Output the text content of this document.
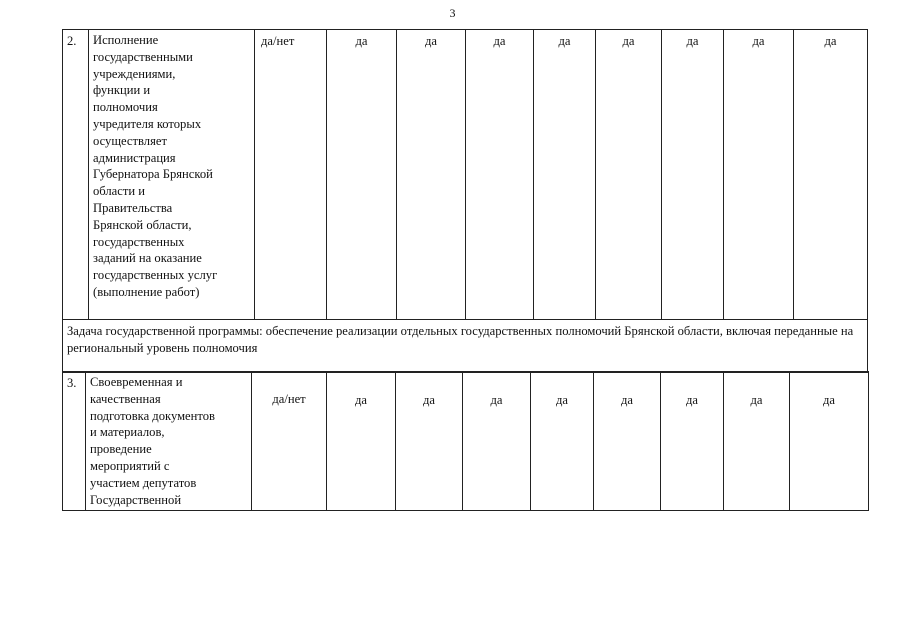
3
2.	Исполнение
государственными
учреждениями,
функции и
полномочия
учредителя которых
осуществляет
администрация
Губернатора Брянской
области и
Правительства
Брянской области,
государственных
заданий на оказание
государственных услуг
(выполнение работ)
	да/нет	да	да	да	да	да	да	да	да
Задача государственной программы: обеспечение реализации отдельных государственных полномочий Брянской области, включая переданные на региональный уровень полномочия
3.	Своевременная и
качественная
подготовка документов
и материалов,
проведение
мероприятий с
участием депутатов
Государственной
	да/нет	да	да	да	да	да	да	да	да
